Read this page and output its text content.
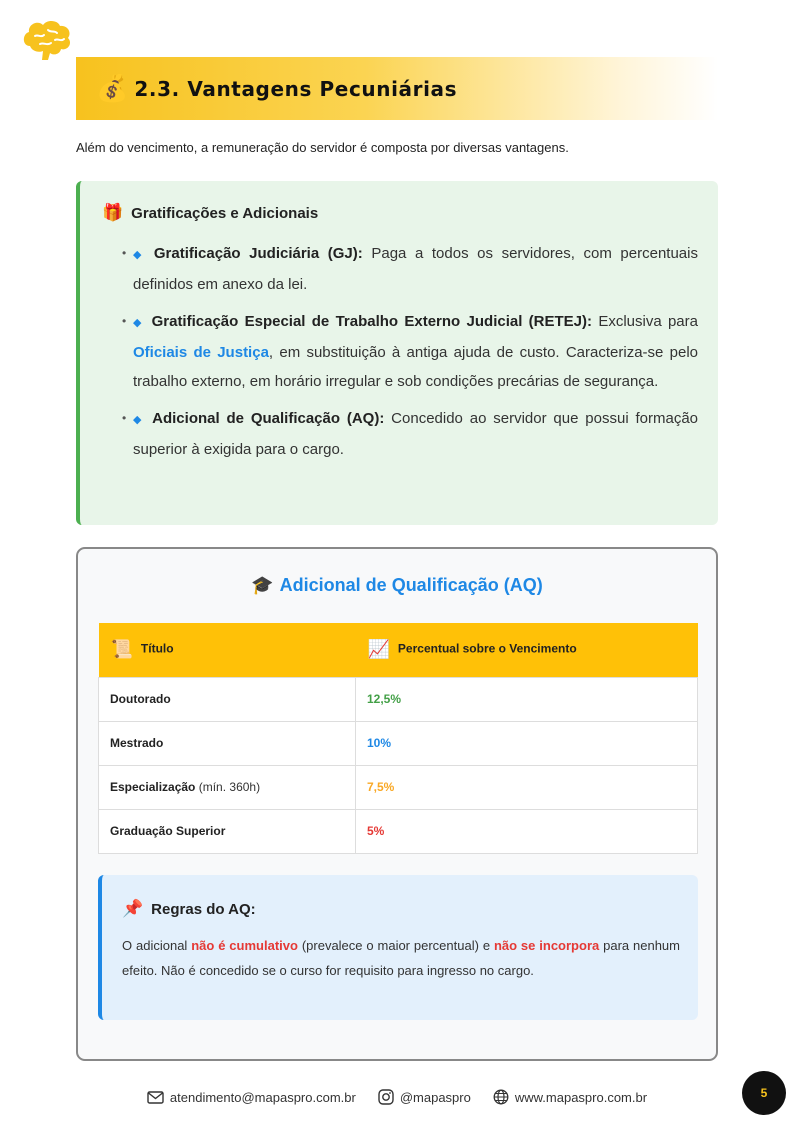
💰 2.3. Vantagens Pecuniárias

Além do vencimento, a remuneração do servidor é composta por diversas vantagens.

🎁 Gratificações e Adicionais
• ◆ Gratificação Judiciária (GJ): Paga a todos os servidores, com percentuais definidos em anexo da lei.
• ◆ Gratificação Especial de Trabalho Externo Judicial (RETEJ): Exclusiva para Oficiais de Justiça, em substituição à antiga ajuda de custo. Caracteriza-se pelo trabalho externo, em horário irregular e sob condições precárias de segurança.
• ◆ Adicional de Qualificação (AQ): Concedido ao servidor que possui formação superior à exigida para o cargo.
🎓 Adicional de Qualificação (AQ)
📜 Título	📈 Percentual sobre o Vencimento
Doutorado	12,5%
Mestrado	10%
Especialização (mín. 360h)	7,5%
Graduação Superior	5%
📌 Regras do AQ:

O adicional não é cumulativo (prevalece o maior percentual) e não se incorpora para nenhum efeito. Não é concedido se o curso for requisito para ingresso no cargo.

atendimento@mapaspro.com.br	@mapaspro	www.mapaspro.com.br	5
